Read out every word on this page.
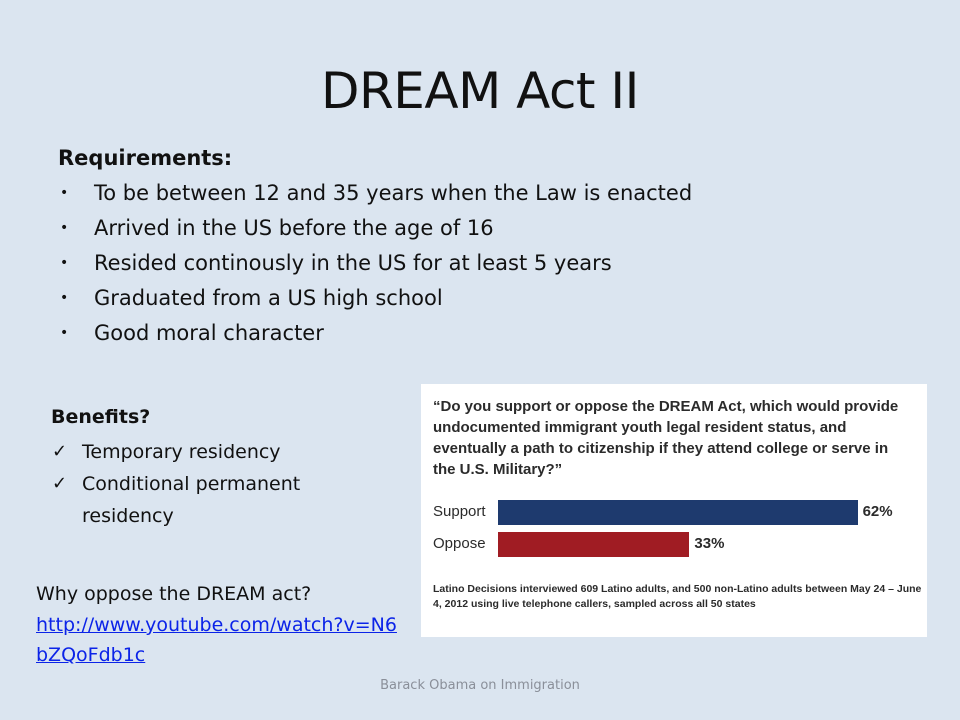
DREAM Act II
Requirements:
• To be between 12 and 35 years when the Law is enacted
• Arrived in the US before the age of 16
• Resided continously in the US for at least 5 years
• Graduated from a US high school
• Good moral character
Benefits?
✓ Temporary residency
✓ Conditional permanent residency
Why oppose the DREAM act?
http://www.youtube.com/watch?v=N6bZQoFdb1c
“Do you support or oppose the DREAM Act, which would provide undocumented immigrant youth legal resident status, and eventually a path to citizenship if they attend college or serve in the U.S. Military?”
Support	62%
Oppose	33%
Latino Decisions interviewed 609 Latino adults, and 500 non-Latino adults between May 24 – June 4, 2012 using live telephone callers, sampled across all 50 states
Barack Obama on Immigration
